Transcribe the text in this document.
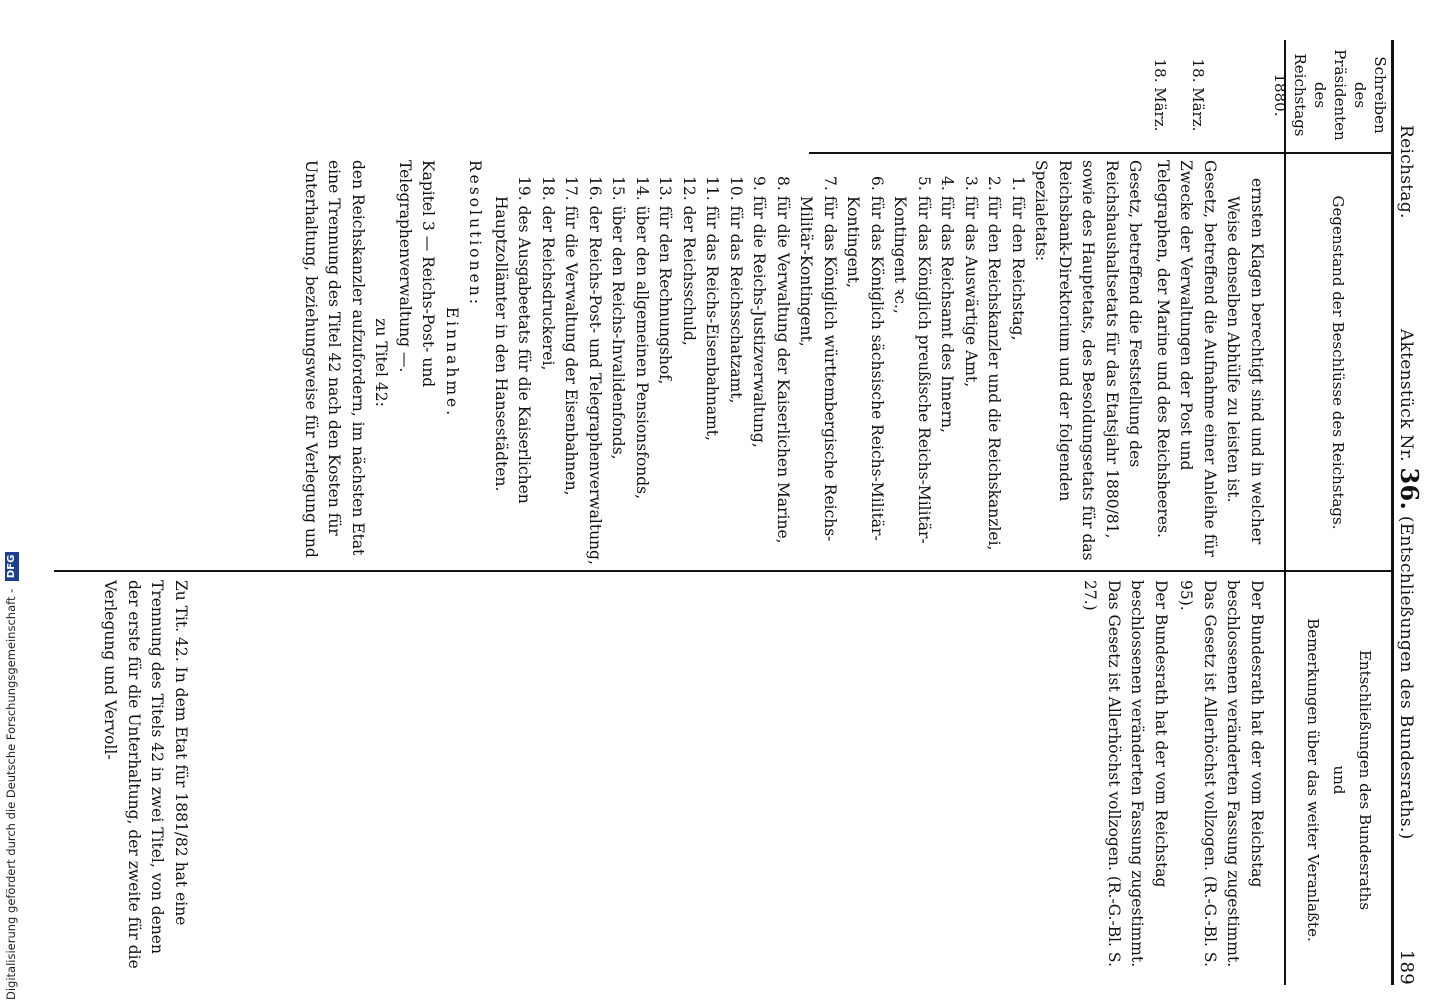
Reichstag.
Aktenstück Nr. 36. (Entschließungen des Bundesraths.)
189
Schreiben
des
Präsidenten
des
Reichstags
1880.
Gegenstand der Beschlüsse des Reichstags.
Entschließungen des Bundesraths
und
Bemerkungen über das weiter Veranlaßte.
18. März.
18. März.

ernsten Klagen berechtigt sind und in welcher

Weise denselben Abhülfe zu leisten ist.

Gesetz, betreffend die Aufnahme einer Anleihe für Zwecke der Verwaltungen der Post und Telegraphen, der Marine und des Reichsheeres.

Gesetz, betreffend die Feststellung des Reichshaushaltsetats für das Etatsjahr 1880/81, sowie des Hauptetats, des Besoldungsetats für das Reichsbank-Direktorium und der folgenden Spezialetats:

1. für den Reichstag,

2. für den Reichskanzler und die Reichskanzlei,

3. für das Auswärtige Amt,

4. für das Reichsamt des Innern,

5. für das Königlich preußische Reichs-Militär-Kontingent ꝛc.,

6. für das Königlich sächsische Reichs-Militär-Kontingent,

7. für das Königlich württembergische Reichs-Militär-Kontingent,

8. für die Verwaltung der Kaiserlichen Marine,

9. für die Reichs-Justizverwaltung,

10. für das Reichsschatzamt,

11. für das Reichs-Eisenbahnamt,

12. der Reichsschuld,

13. für den Rechnungshof,

14. über den allgemeinen Pensionsfonds,

15. über den Reichs-Invalidenfonds,

16. der Reichs-Post- und Telegraphenverwaltung,

17. für die Verwaltung der Eisenbahnen,

18. der Reichsdruckerei,

19. des Ausgabeetats für die Kaiserlichen Hauptzollämter in den Hansestädten.

Resolutionen:

Einnahme.

Kapitel 3 — Reichs-Post- und Telegraphenverwaltung —.

zu Titel 42:

den Reichskanzler aufzufordern, im nächsten Etat eine Trennung des Titel 42 nach den Kosten für Unterhaltung, beziehungsweise für Verlegung und

Der Bundesrath hat der vom Reichstag beschlossenen veränderten Fassung zugestimmt. Das Gesetz ist Allerhöchst vollzogen. (R.-G.-Bl. S. 95).
Der Bundesrath hat der vom Reichstag beschlossenen veränderten Fassung zugestimmt. Das Gesetz ist Allerhöchst vollzogen. (R.-G.-Bl. S. 27.)
Zu Tit. 42. In dem Etat für 1881/82 hat eine Trennung des Titels 42 in zwei Titel, von denen der erste für die Unterhaltung, der zweite für die Verlegung und Vervoll-
Digitalisierung gefördert durch die Deutsche Forschungsgemeinschaft - DFG
